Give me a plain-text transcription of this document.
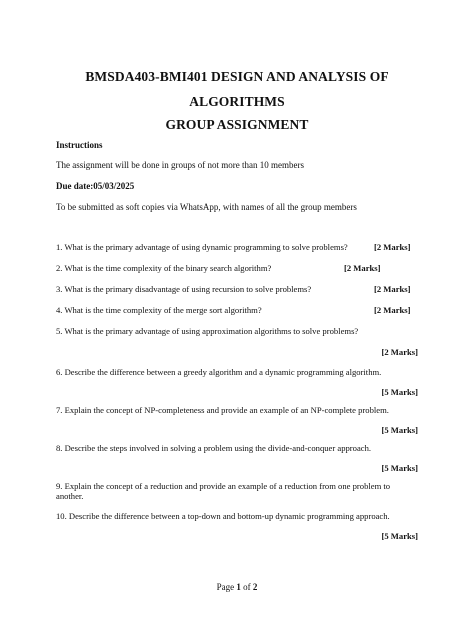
BMSDA403-BMI401 DESIGN AND ANALYSIS OF
ALGORITHMS
GROUP ASSIGNMENT
Instructions
The assignment will be done in groups of not more than 10 members
Due date:05/03/2025
To be submitted as soft copies via WhatsApp, with names of all the group members
1. What is the primary advantage of using dynamic programming to solve problems?	[2 Marks]
2. What is the time complexity of the binary search algorithm?	[2 Marks]
3. What is the primary disadvantage of using recursion to solve problems?	[2 Marks]
4. What is the time complexity of the merge sort algorithm?	[2 Marks]
5. What is the primary advantage of using approximation algorithms to solve problems?
[2 Marks]
6. Describe the difference between a greedy algorithm and a dynamic programming algorithm.
[5 Marks]
7. Explain the concept of NP-completeness and provide an example of an NP-complete problem.
[5 Marks]
8. Describe the steps involved in solving a problem using the divide-and-conquer approach.
[5 Marks]
9. Explain the concept of a reduction and provide an example of a reduction from one problem to another.
10. Describe the difference between a top-down and bottom-up dynamic programming approach.
[5 Marks]
Page 1 of 2
